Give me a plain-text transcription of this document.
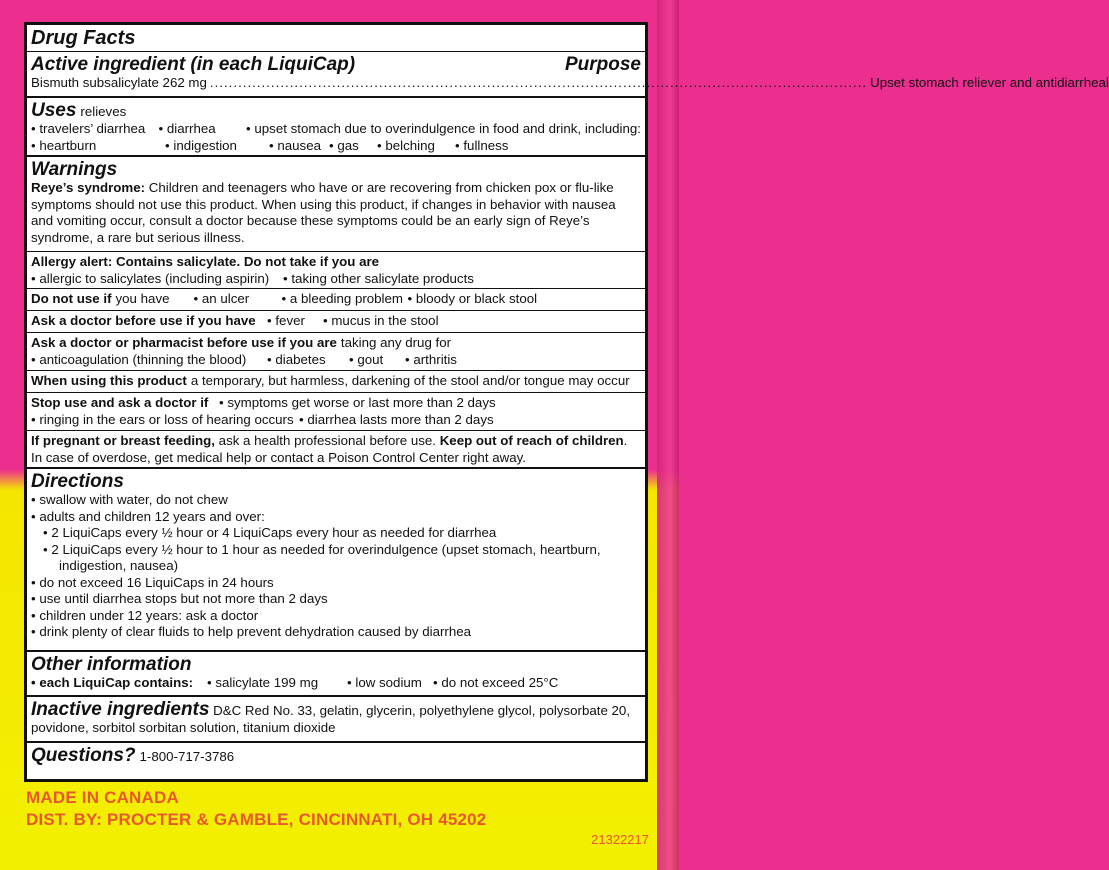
Drug Facts
Active ingredient (in each LiquiCap)	Purpose
Bismuth subsalicylate 262 mg ............................................................................................................................................ Upset stomach reliever and antidiarrheal
Uses relieves
• travelers’ diarrhea • diarrhea	• upset stomach due to overindulgence in food and drink, including:
• heartburn	• indigestion	• nausea • gas	• belching	• fullness
Warnings
Reye’s syndrome: Children and teenagers who have or are recovering from chicken pox or flu-like symptoms should not use this product. When using this product, if changes in behavior with nausea and vomiting occur, consult a doctor because these symptoms could be an early sign of Reye’s syndrome, a rare but serious illness.
Allergy alert: Contains salicylate. Do not take if you are
• allergic to salicylates (including aspirin)	• taking other salicylate products
Do not use if you have	• an ulcer	• a bleeding problem • bloody or black stool
Ask a doctor before use if you have • fever	• mucus in the stool
Ask a doctor or pharmacist before use if you are taking any drug for
• anticoagulation (thinning the blood)	• diabetes	• gout	• arthritis
When using this product a temporary, but harmless, darkening of the stool and/or tongue may occur
Stop use and ask a doctor if • symptoms get worse or last more than 2 days
• ringing in the ears or loss of hearing occurs • diarrhea lasts more than 2 days
If pregnant or breast feeding, ask a health professional before use. Keep out of reach of children. In case of overdose, get medical help or contact a Poison Control Center right away.
Directions
• swallow with water, do not chew
• adults and children 12 years and over:
• 2 LiquiCaps every ½ hour or 4 LiquiCaps every hour as needed for diarrhea
• 2 LiquiCaps every ½ hour to 1 hour as needed for overindulgence (upset stomach, heartburn,
indigestion, nausea)
• do not exceed 16 LiquiCaps in 24 hours
• use until diarrhea stops but not more than 2 days
• children under 12 years: ask a doctor
• drink plenty of clear fluids to help prevent dehydration caused by diarrhea
Other information
• each LiquiCap contains:	• salicylate 199 mg	• low sodium • do not exceed 25°C
Inactive ingredients D&C Red No. 33, gelatin, glycerin, polyethylene glycol, polysorbate 20, povidone, sorbitol sorbitan solution, titanium dioxide
Questions? 1-800-717-3786
MADE IN CANADA
DIST. BY: PROCTER & GAMBLE, CINCINNATI, OH 45202
21322217
